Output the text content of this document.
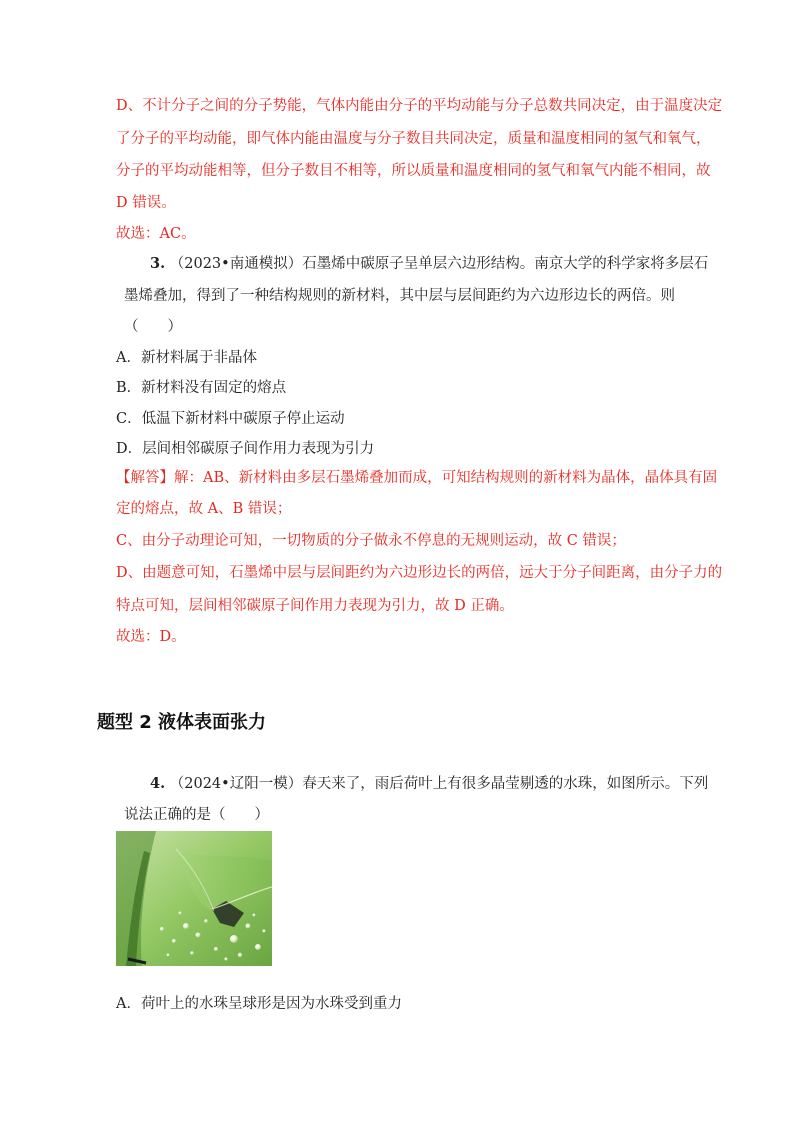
D、不计分子之间的分子势能，气体内能由分子的平均动能与分子总数共同决定，由于温度决定
了分子的平均动能，即气体内能由温度与分子数目共同决定，质量和温度相同的氢气和氧气，
分子的平均动能相等，但分子数目不相等，所以质量和温度相同的氢气和氧气内能不相同，故
D 错误。
故选：AC。
3. （2023•南通模拟）石墨烯中碳原子呈单层六边形结构。南京大学的科学家将多层石
墨烯叠加，得到了一种结构规则的新材料，其中层与层间距约为六边形边长的两倍。则
（　　）
A．新材料属于非晶体
B．新材料没有固定的熔点
C．低温下新材料中碳原子停止运动
D．层间相邻碳原子间作用力表现为引力
【解答】解：AB、新材料由多层石墨烯叠加而成，可知结构规则的新材料为晶体，晶体具有固
定的熔点，故 A、B 错误；
C、由分子动理论可知，一切物质的分子做永不停息的无规则运动，故 C 错误；
D、由题意可知，石墨烯中层与层间距约为六边形边长的两倍，远大于分子间距离，由分子力的
特点可知，层间相邻碳原子间作用力表现为引力，故 D 正确。
故选：D。
题型 2 液体表面张力
4. （2024•辽阳一模）春天来了，雨后荷叶上有很多晶莹剔透的水珠，如图所示。下列
说法正确的是（　　）
A．荷叶上的水珠呈球形是因为水珠受到重力
